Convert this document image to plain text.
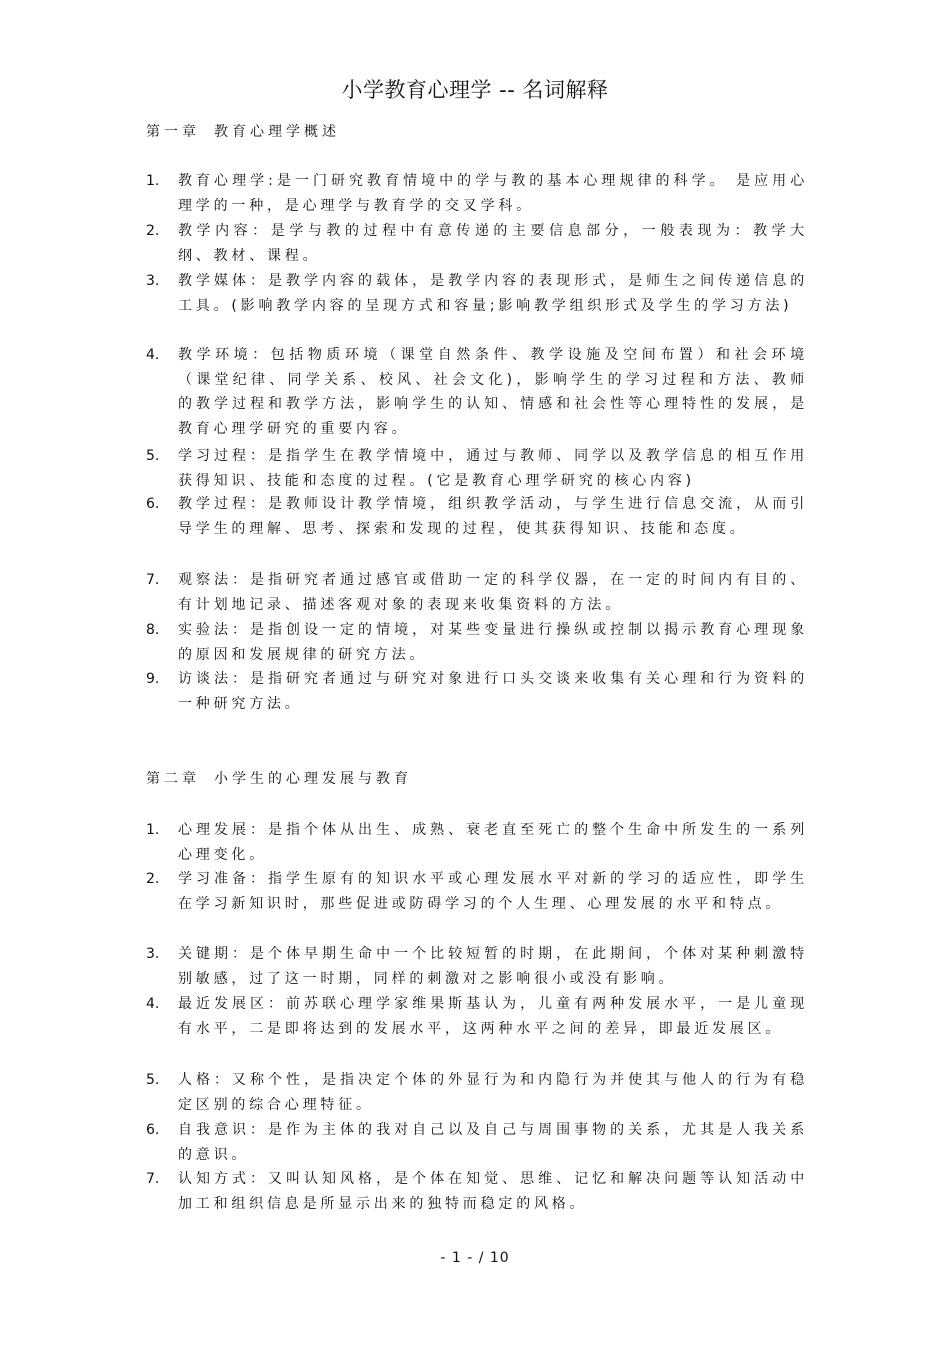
小学教育心理学 -- 名词解释
第一章 教育心理学概述
1.	教育心理学:是一门研究教育情境中的学与教的基本心理规律的科学。 是应用心理学的一种，是心理学与教育学的交叉学科。
2.	教学内容：是学与教的过程中有意传递的主要信息部分，一般表现为：教学大纲、教材、课程。
3.	教学媒体：是教学内容的载体，是教学内容的表现形式，是师生之间传递信息的工具。(影响教学内容的呈现方式和容量;影响教学组织形式及学生的学习方法)
4.	教学环境：包括物质环境（课堂自然条件、教学设施及空间布置）和社会环境（课堂纪律、同学关系、校风、社会文化)，影响学生的学习过程和方法、教师的教学过程和教学方法，影响学生的认知、情感和社会性等心理特性的发展，是教育心理学研究的重要内容。
5.	学习过程：是指学生在教学情境中，通过与教师、同学以及教学信息的相互作用获得知识、技能和态度的过程。(它是教育心理学研究的核心内容)
6.	教学过程：是教师设计教学情境，组织教学活动，与学生进行信息交流，从而引导学生的理解、思考、探索和发现的过程，使其获得知识、技能和态度。
7.	观察法：是指研究者通过感官或借助一定的科学仪器，在一定的时间内有目的、有计划地记录、描述客观对象的表现来收集资料的方法。
8.	实验法：是指创设一定的情境，对某些变量进行操纵或控制以揭示教育心理现象的原因和发展规律的研究方法。
9.	访谈法：是指研究者通过与研究对象进行口头交谈来收集有关心理和行为资料的一种研究方法。
第二章 小学生的心理发展与教育
1.	心理发展：是指个体从出生、成熟、衰老直至死亡的整个生命中所发生的一系列心理变化。
2.	学习准备：指学生原有的知识水平或心理发展水平对新的学习的适应性，即学生在学习新知识时，那些促进或防碍学习的个人生理、心理发展的水平和特点。
3.	关键期：是个体早期生命中一个比较短暂的时期，在此期间，个体对某种刺激特别敏感，过了这一时期，同样的刺激对之影响很小或没有影响。
4.	最近发展区：前苏联心理学家维果斯基认为，儿童有两种发展水平，一是儿童现有水平，二是即将达到的发展水平，这两种水平之间的差异，即最近发展区。
5.	人格：又称个性，是指决定个体的外显行为和内隐行为并使其与他人的行为有稳定区别的综合心理特征。
6.	自我意识：是作为主体的我对自己以及自己与周围事物的关系，尤其是人我关系的意识。
7.	认知方式：又叫认知风格，是个体在知觉、思维、记忆和解决问题等认知活动中加工和组织信息是所显示出来的独特而稳定的风格。
- 1 - / 10
